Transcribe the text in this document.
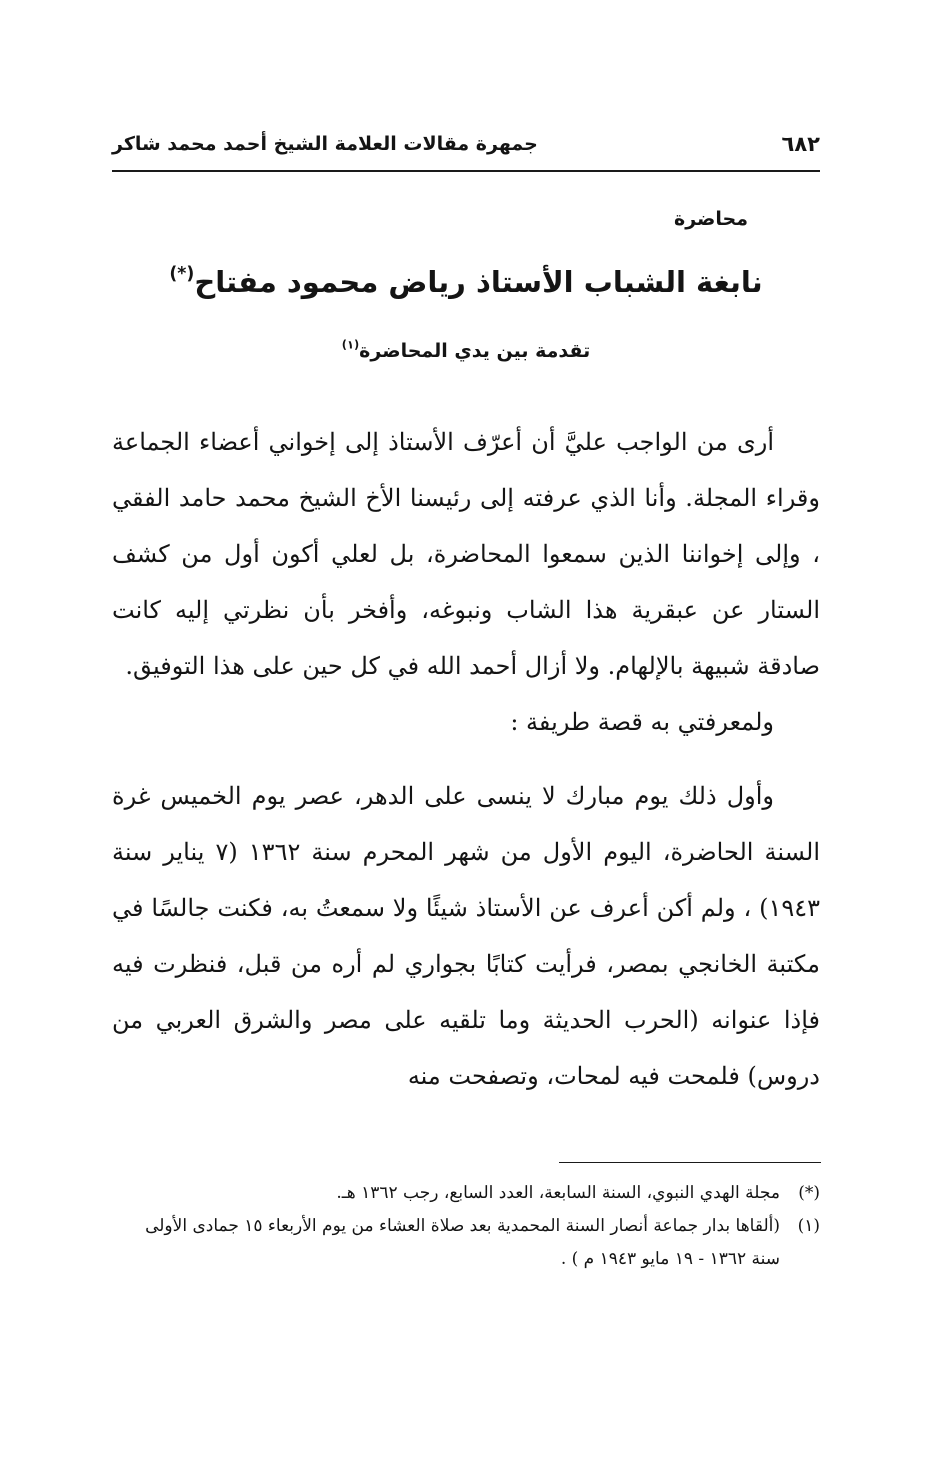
٦٨٢
جمهرة مقالات العلامة الشيخ أحمد محمد شاكر
محاضرة
نابغة الشباب الأستاذ رياض محمود مفتاح(*)
تقدمة بين يدي المحاضرة$^{(١)}$

أرى من الواجب عليَّ أن أعرّف الأستاذ إلى إخواني أعضاء الجماعة وقراء المجلة. وأنا الذي عرفته إلى رئيسنا الأخ الشيخ محمد حامد الفقي ، وإلى إخواننا الذين سمعوا المحاضرة، بل لعلي أكون أول من كشف الستار عن عبقرية هذا الشاب ونبوغه، وأفخر بأن نظرتي إليه كانت صادقة شبيهة بالإلهام. ولا أزال أحمد الله في كل حين على هذا التوفيق.

ولمعرفتي به قصة طريفة :

وأول ذلك يوم مبارك لا ينسى على الدهر، عصر يوم الخميس غرة السنة الحاضرة، اليوم الأول من شهر المحرم سنة ١٣٦٢ (٧ يناير سنة ١٩٤٣) ، ولم أكن أعرف عن الأستاذ شيئًا ولا سمعتُ به، فكنت جالسًا في مكتبة الخانجي بمصر، فرأيت كتابًا بجواري لم أره من قبل، فنظرت فيه فإذا عنوانه (الحرب الحديثة وما تلقيه على مصر والشرق العربي من دروس) فلمحت فيه لمحات، وتصفحت منه

(*)
مجلة الهدي النبوي، السنة السابعة، العدد السابع، رجب ١٣٦٢ هـ.

(١)
(ألقاها بدار جماعة أنصار السنة المحمدية بعد صلاة العشاء من يوم الأربعاء ١٥ جمادى الأولى سنة ١٣٦٢ - ١٩ مايو ١٩٤٣ م ) .
